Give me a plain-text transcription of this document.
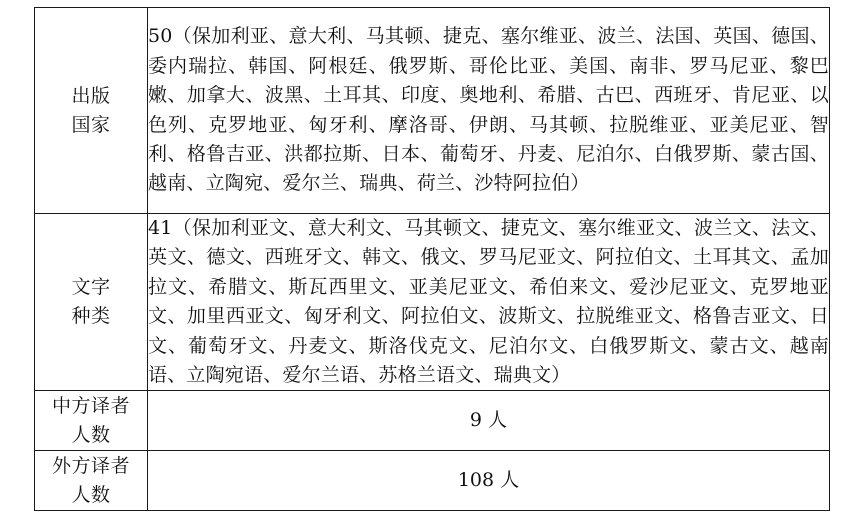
出版
国家	50（保加利亚、意大利、马其顿、捷克、塞尔维亚、波兰、法国、英国、德国、委内瑞拉、韩国、阿根廷、俄罗斯、哥伦比亚、美国、南非、罗马尼亚、黎巴嫩、加拿大、波黑、土耳其、印度、奥地利、希腊、古巴、西班牙、肯尼亚、以色列、克罗地亚、匈牙利、摩洛哥、伊朗、马其顿、拉脱维亚、亚美尼亚、智利、格鲁吉亚、洪都拉斯、日本、葡萄牙、丹麦、尼泊尔、白俄罗斯、蒙古国、越南、立陶宛、爱尔兰、瑞典、荷兰、沙特阿拉伯）

文字
种类	41（保加利亚文、意大利文、马其顿文、捷克文、塞尔维亚文、波兰文、法文、英文、德文、西班牙文、韩文、俄文、罗马尼亚文、阿拉伯文、土耳其文、孟加拉文、希腊文、斯瓦西里文、亚美尼亚文、希伯来文、爱沙尼亚文、克罗地亚文、加里西亚文、匈牙利文、阿拉伯文、波斯文、拉脱维亚文、格鲁吉亚文、日文、葡萄牙文、丹麦文、斯洛伐克文、尼泊尔文、白俄罗斯文、蒙古文、越南语、立陶宛语、爱尔兰语、苏格兰语文、瑞典文）

中方译者
人数	9 人

外方译者
人数	108 人
